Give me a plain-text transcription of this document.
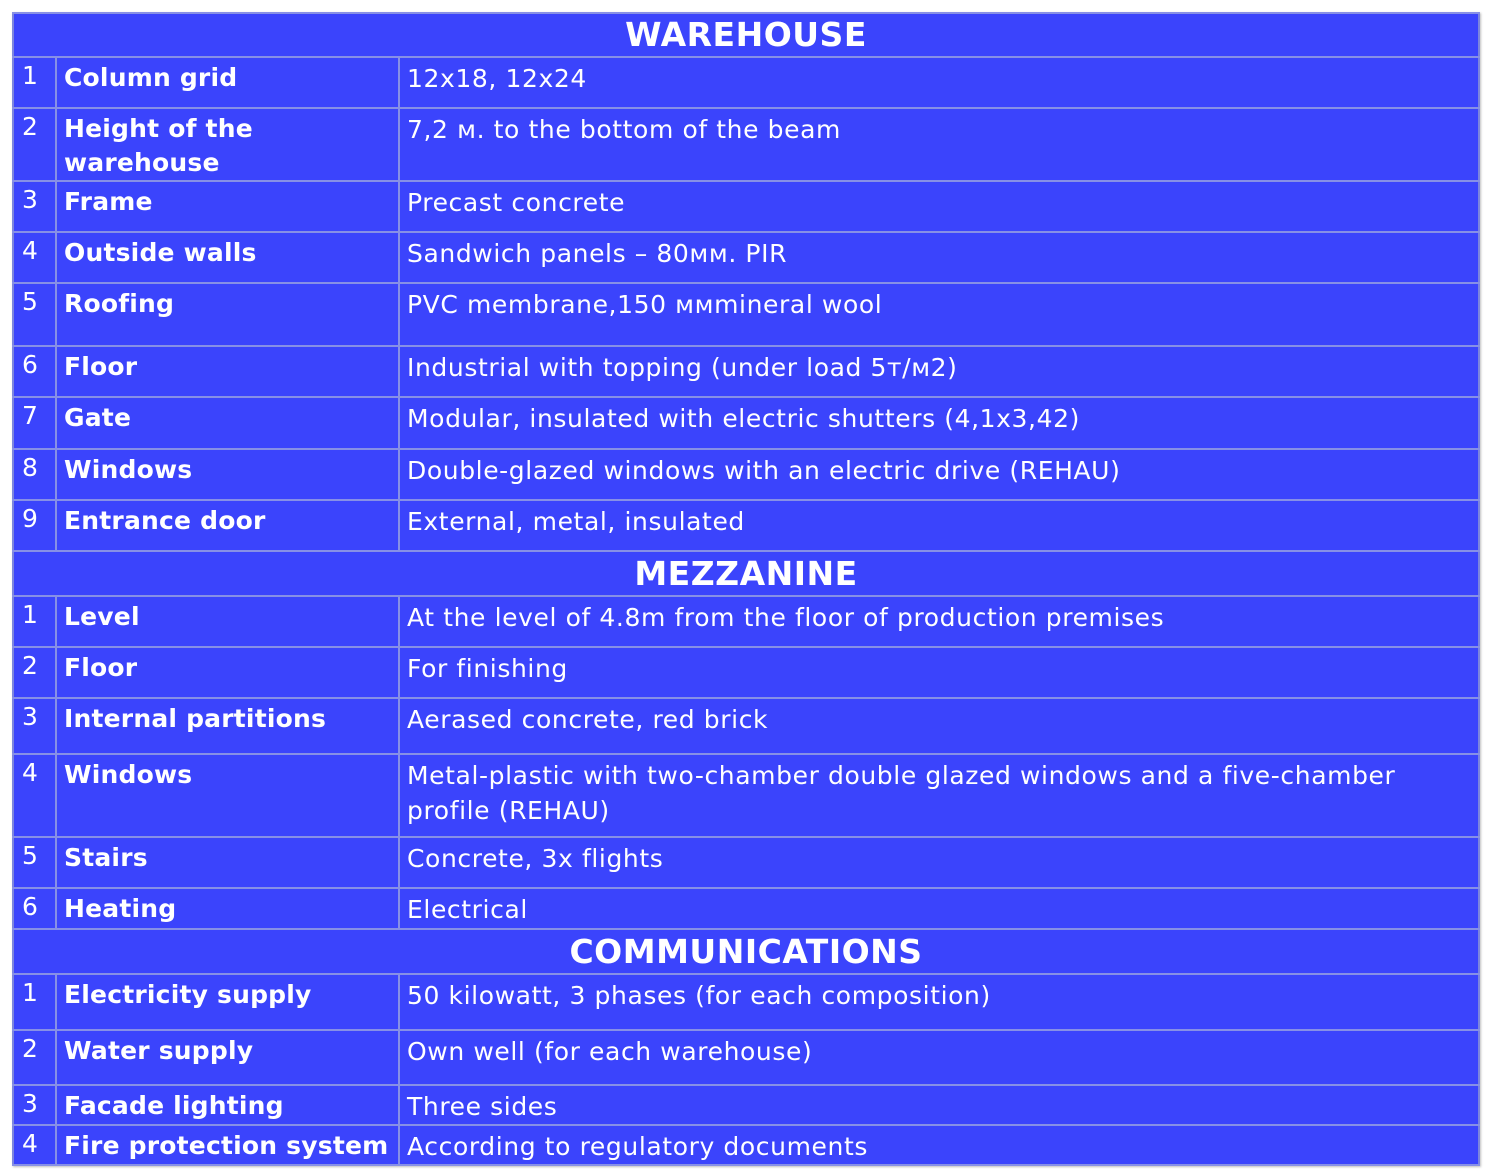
WAREHOUSE		
1	Column grid	12x18, 12x24
2	Height of the warehouse	7,2 м. to the bottom of the beam
3	Frame	Precast concrete
4	Outside walls	Sandwich panels – 80мм. PIR
5	Roofing	PVC membrane,150 ммmineral wool
6	Floor	Industrial with topping (under load 5т/м2)
7	Gate	Modular, insulated with electric shutters (4,1x3,42)
8	Windows	Double-glazed windows with an electric drive (REHAU)
9	Entrance door	External, metal, insulated
MEZZANINE		
1	Level	At the level of 4.8m from the floor of production premises
2	Floor	For finishing
3	Internal partitions	Aerased concrete, red brick
4	Windows	Metal-plastic with two-chamber double glazed windows and a five-chamber profile (REHAU)
5	Stairs	Concrete, 3x flights
6	Heating	Electrical
COMMUNICATIONS		
1	Electricity supply	50 kilowatt, 3 phases (for each composition)
2	Water supply	Own well (for each warehouse)
3	Facade lighting	Three sides
4	Fire protection system	According to regulatory documents
